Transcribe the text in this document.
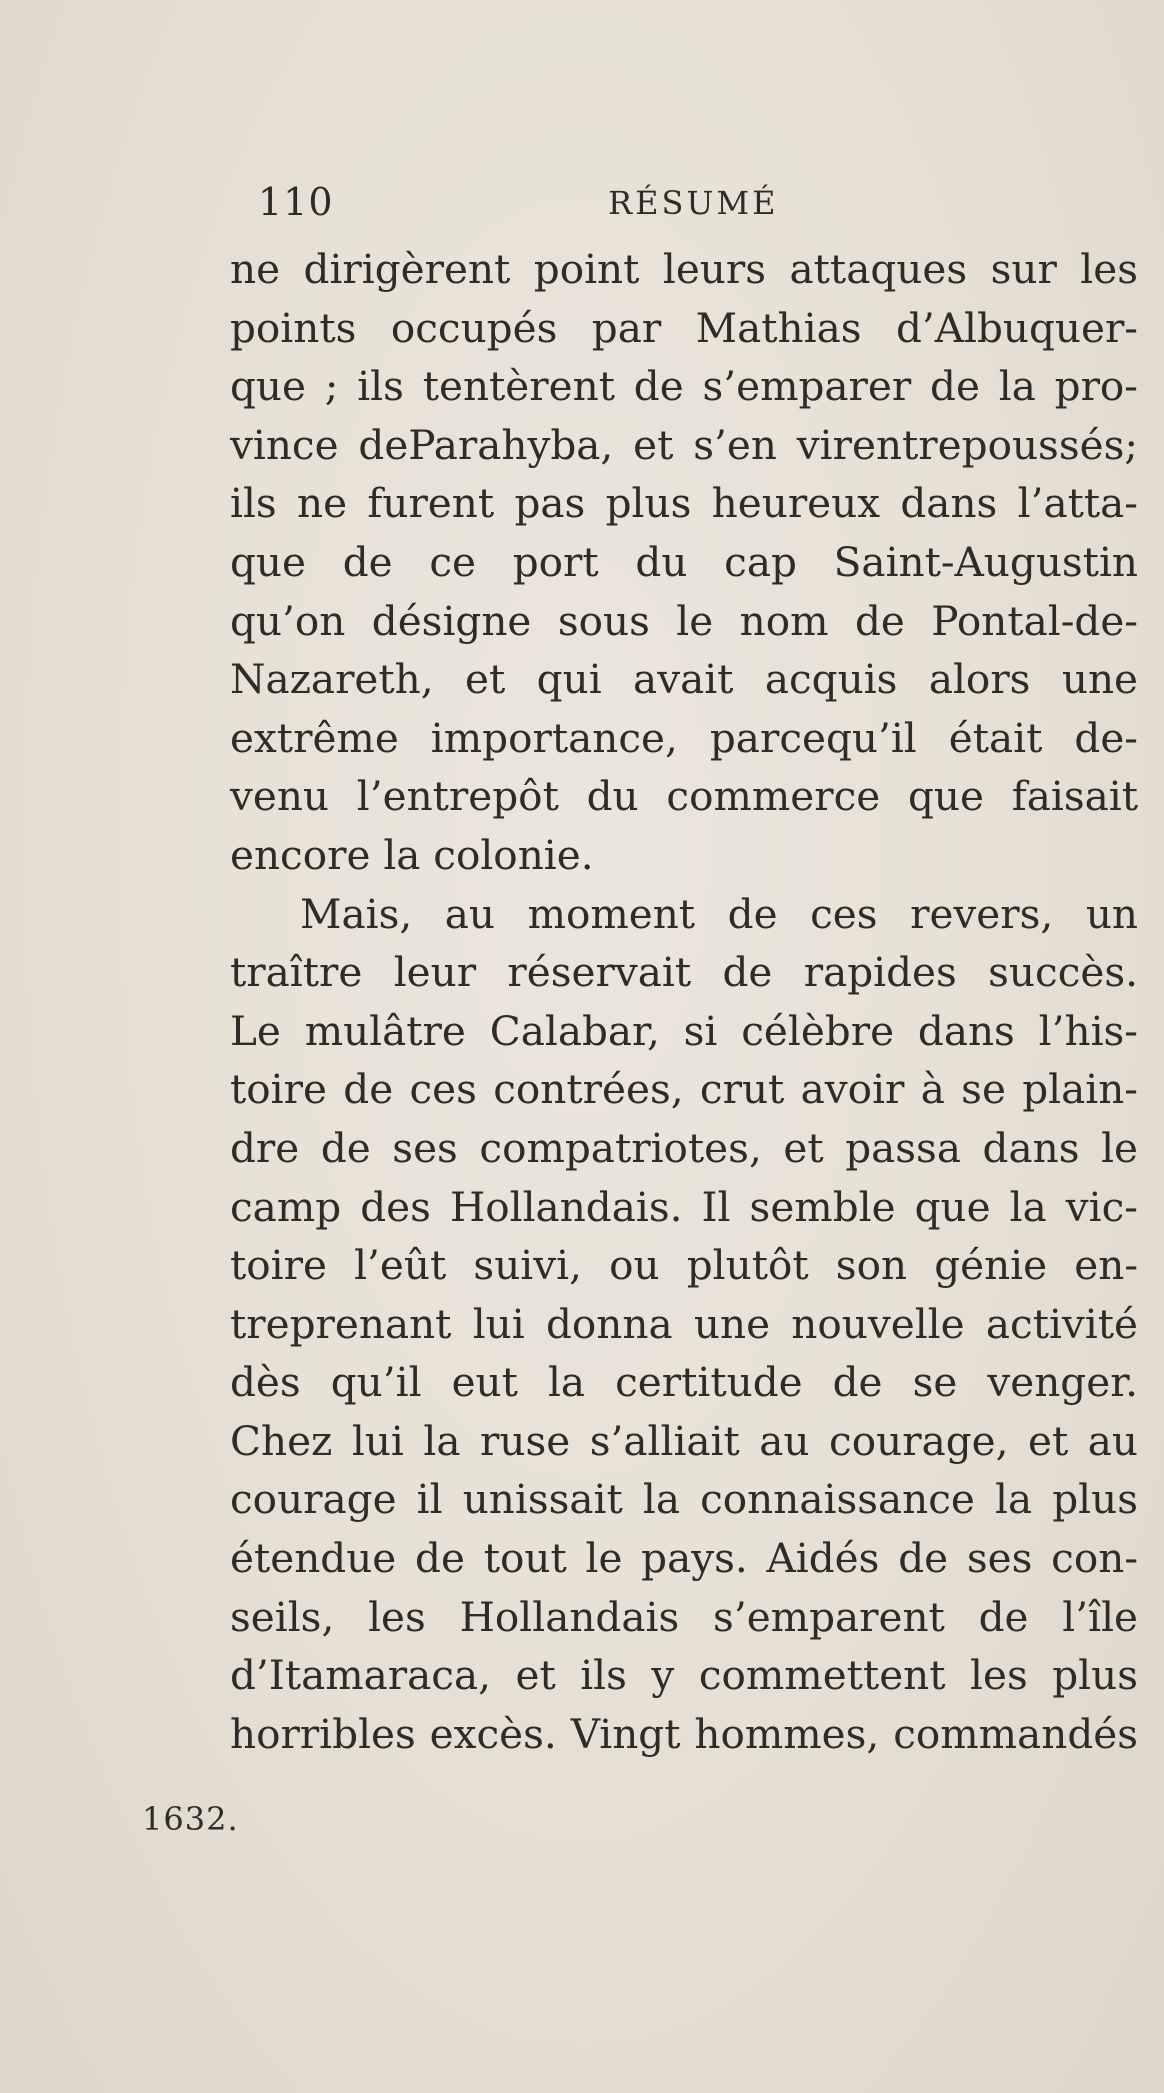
110	RÉSUMÉ
ne dirigèrent point leurs attaques sur les
points occupés par Mathias d’Albuquer-
que ; ils tentèrent de s’emparer de la pro-
vince deParahyba, et s’en virentrepoussés;
ils ne furent pas plus heureux dans l’atta-
que de ce port du cap Saint-Augustin
qu’on désigne sous le nom de Pontal-de-
Nazareth, et qui avait acquis alors une
extrême importance, parcequ’il était de-
venu l’entrepôt du commerce que faisait
encore la colonie.
Mais, au moment de ces revers, un
traître leur réservait de rapides succès.
Le mulâtre Calabar, si célèbre dans l’his-
toire de ces contrées, crut avoir à se plain-
dre de ses compatriotes, et passa dans le
camp des Hollandais. Il semble que la vic-
toire l’eût suivi, ou plutôt son génie en-
treprenant lui donna une nouvelle activité
dès qu’il eut la certitude de se venger.
Chez lui la ruse s’alliait au courage, et au
courage il unissait la connaissance la plus
étendue de tout le pays. Aidés de ses con-
seils, les Hollandais s’emparent de l’île
d’Itamaraca, et ils y commettent les plus
horribles excès. Vingt hommes, commandés
1632.
